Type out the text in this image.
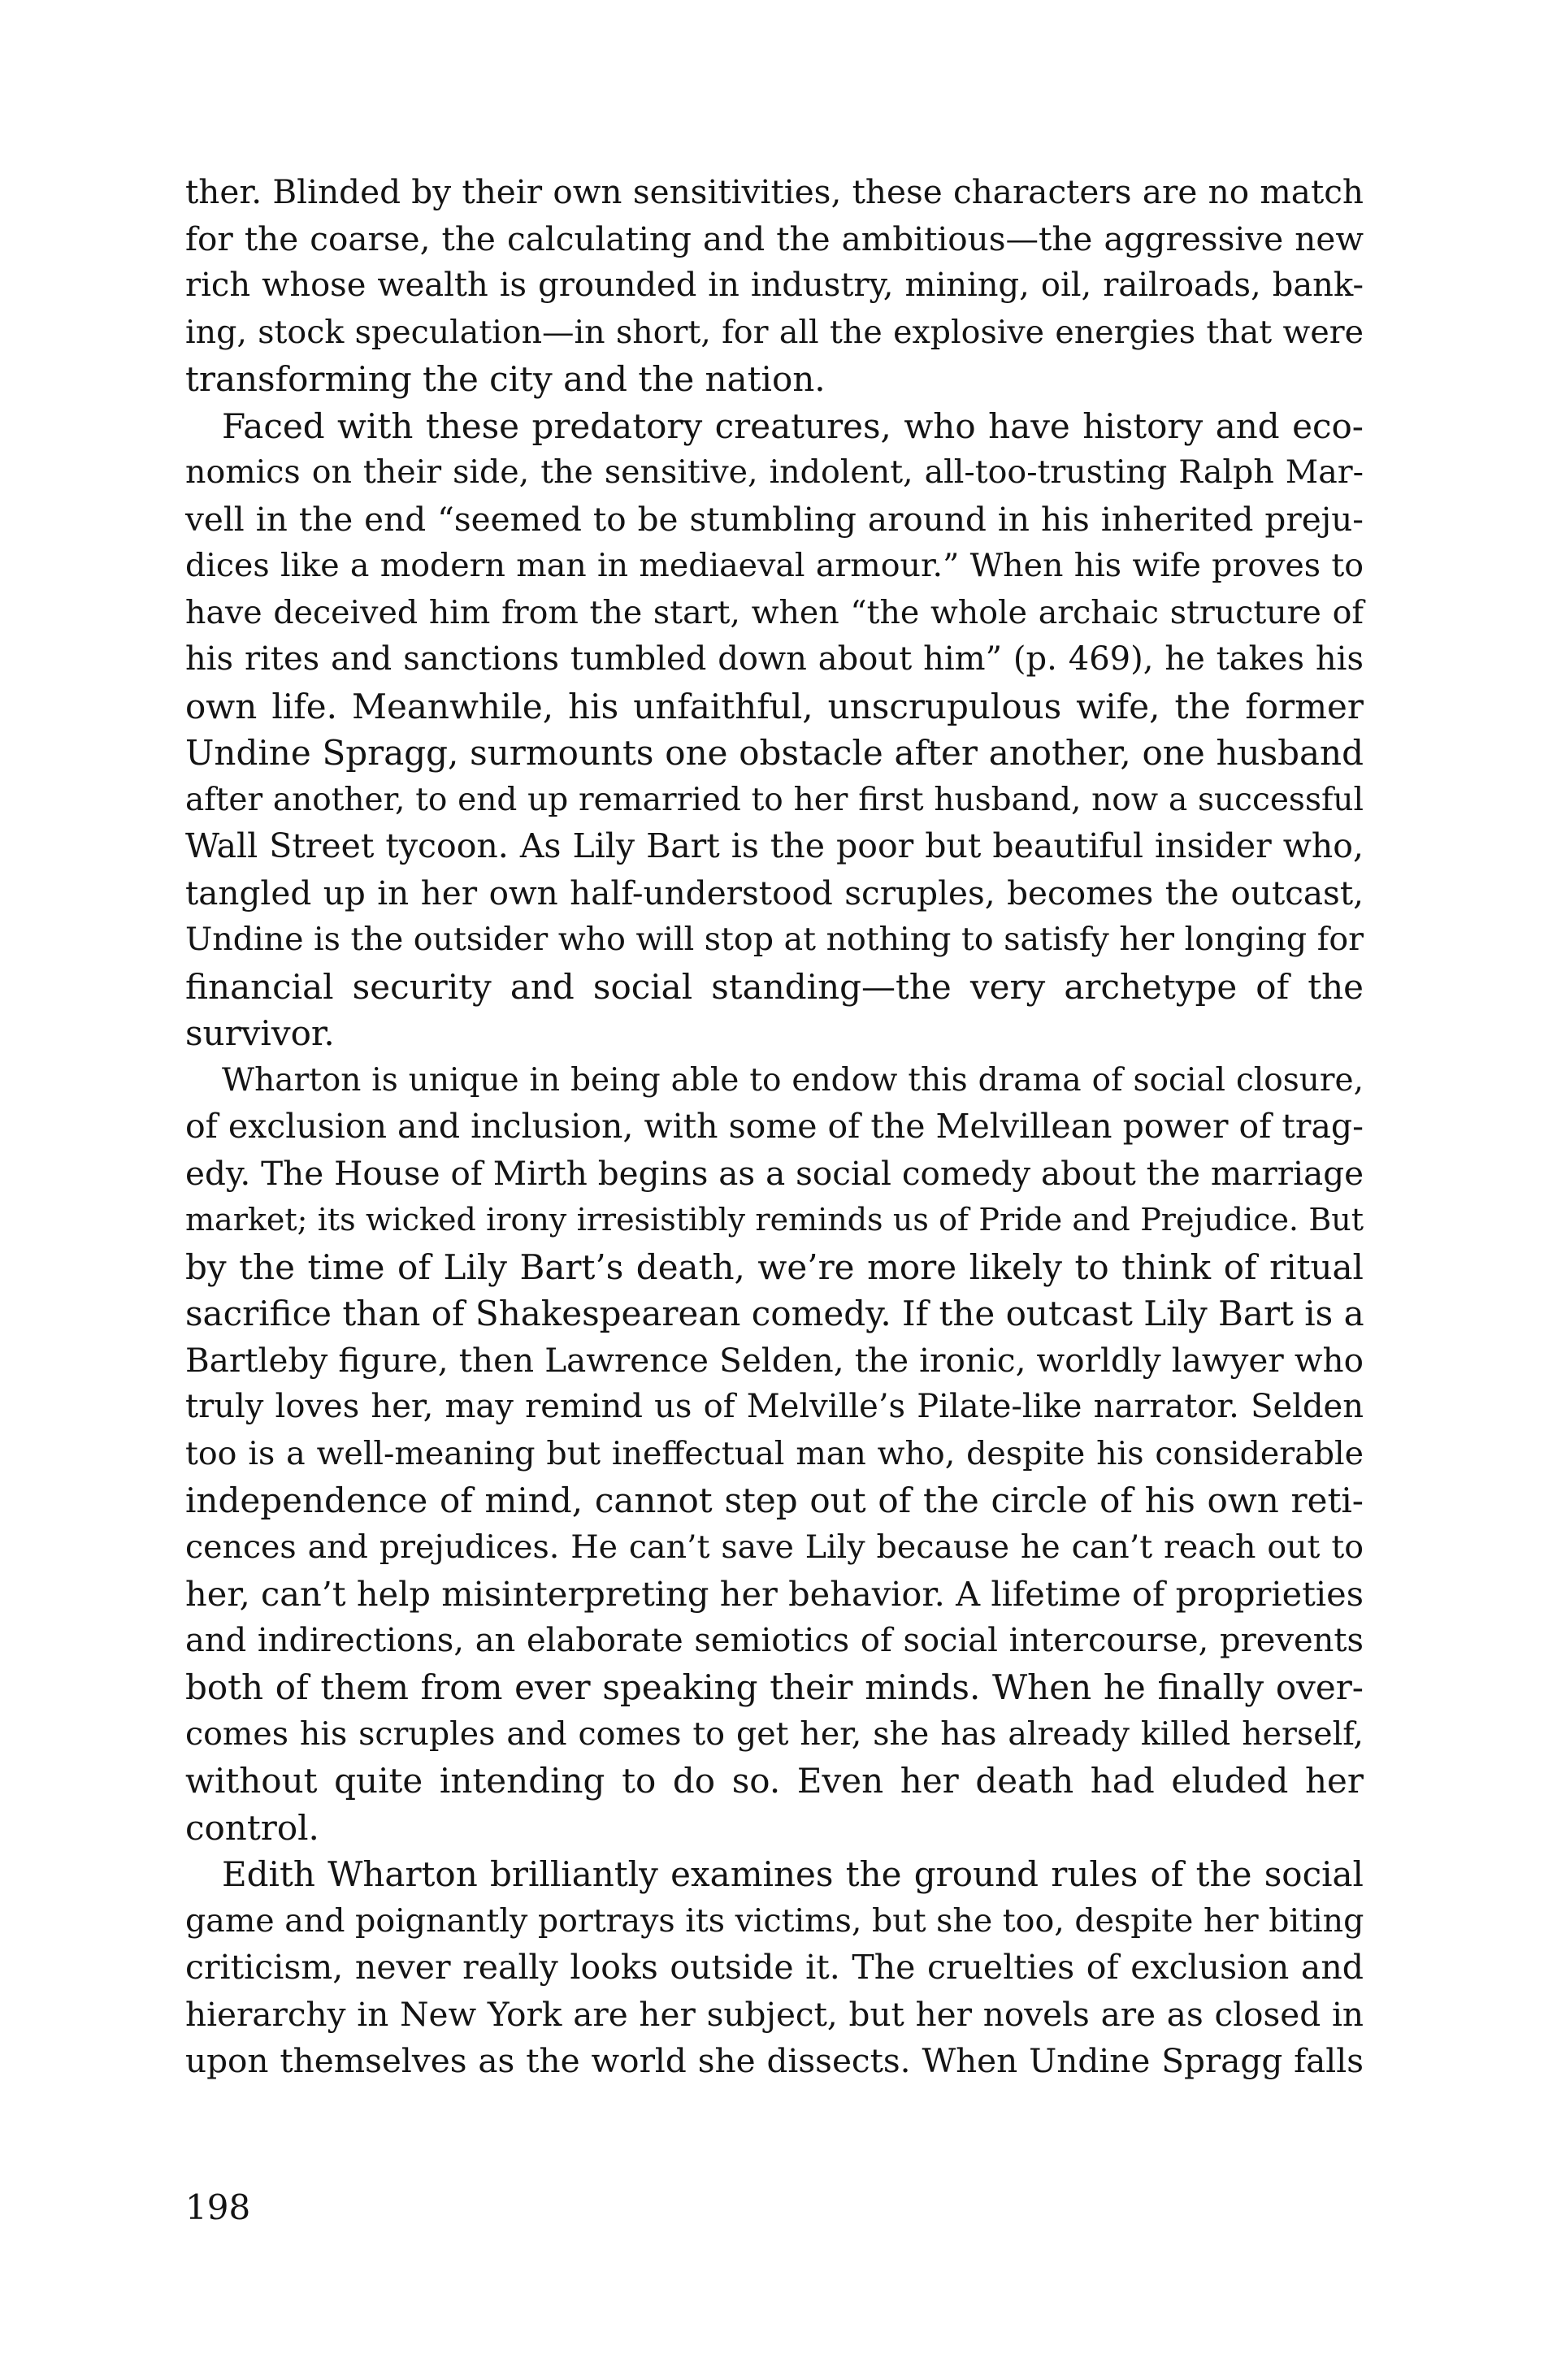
ther. Blinded by their own sensitivities, these characters are no match
for the coarse, the calculating and the ambitious—the aggressive new
rich whose wealth is grounded in industry, mining, oil, railroads, bank-
ing, stock speculation—in short, for all the explosive energies that were
transforming the city and the nation.
Faced with these predatory creatures, who have history and eco-
nomics on their side, the sensitive, indolent, all-too-trusting Ralph Mar-
vell in the end “seemed to be stumbling around in his inherited preju-
dices like a modern man in mediaeval armour.” When his wife proves to
have deceived him from the start, when “the whole archaic structure of
his rites and sanctions tumbled down about him” (p. 469), he takes his
own life. Meanwhile, his unfaithful, unscrupulous wife, the former
Undine Spragg, surmounts one obstacle after another, one husband
after another, to end up remarried to her first husband, now a successful
Wall Street tycoon. As Lily Bart is the poor but beautiful insider who,
tangled up in her own half-understood scruples, becomes the outcast,
Undine is the outsider who will stop at nothing to satisfy her longing for
financial security and social standing—the very archetype of the
survivor.
Wharton is unique in being able to endow this drama of social closure,
of exclusion and inclusion, with some of the Melvillean power of trag-
edy. The House of Mirth begins as a social comedy about the marriage
market; its wicked irony irresistibly reminds us of Pride and Prejudice. But
by the time of Lily Bart’s death, we’re more likely to think of ritual
sacrifice than of Shakespearean comedy. If the outcast Lily Bart is a
Bartleby figure, then Lawrence Selden, the ironic, worldly lawyer who
truly loves her, may remind us of Melville’s Pilate-like narrator. Selden
too is a well-meaning but ineffectual man who, despite his considerable
independence of mind, cannot step out of the circle of his own reti-
cences and prejudices. He can’t save Lily because he can’t reach out to
her, can’t help misinterpreting her behavior. A lifetime of proprieties
and indirections, an elaborate semiotics of social intercourse, prevents
both of them from ever speaking their minds. When he finally over-
comes his scruples and comes to get her, she has already killed herself,
without quite intending to do so. Even her death had eluded her
control.
Edith Wharton brilliantly examines the ground rules of the social
game and poignantly portrays its victims, but she too, despite her biting
criticism, never really looks outside it. The cruelties of exclusion and
hierarchy in New York are her subject, but her novels are as closed in
upon themselves as the world she dissects. When Undine Spragg falls
198
